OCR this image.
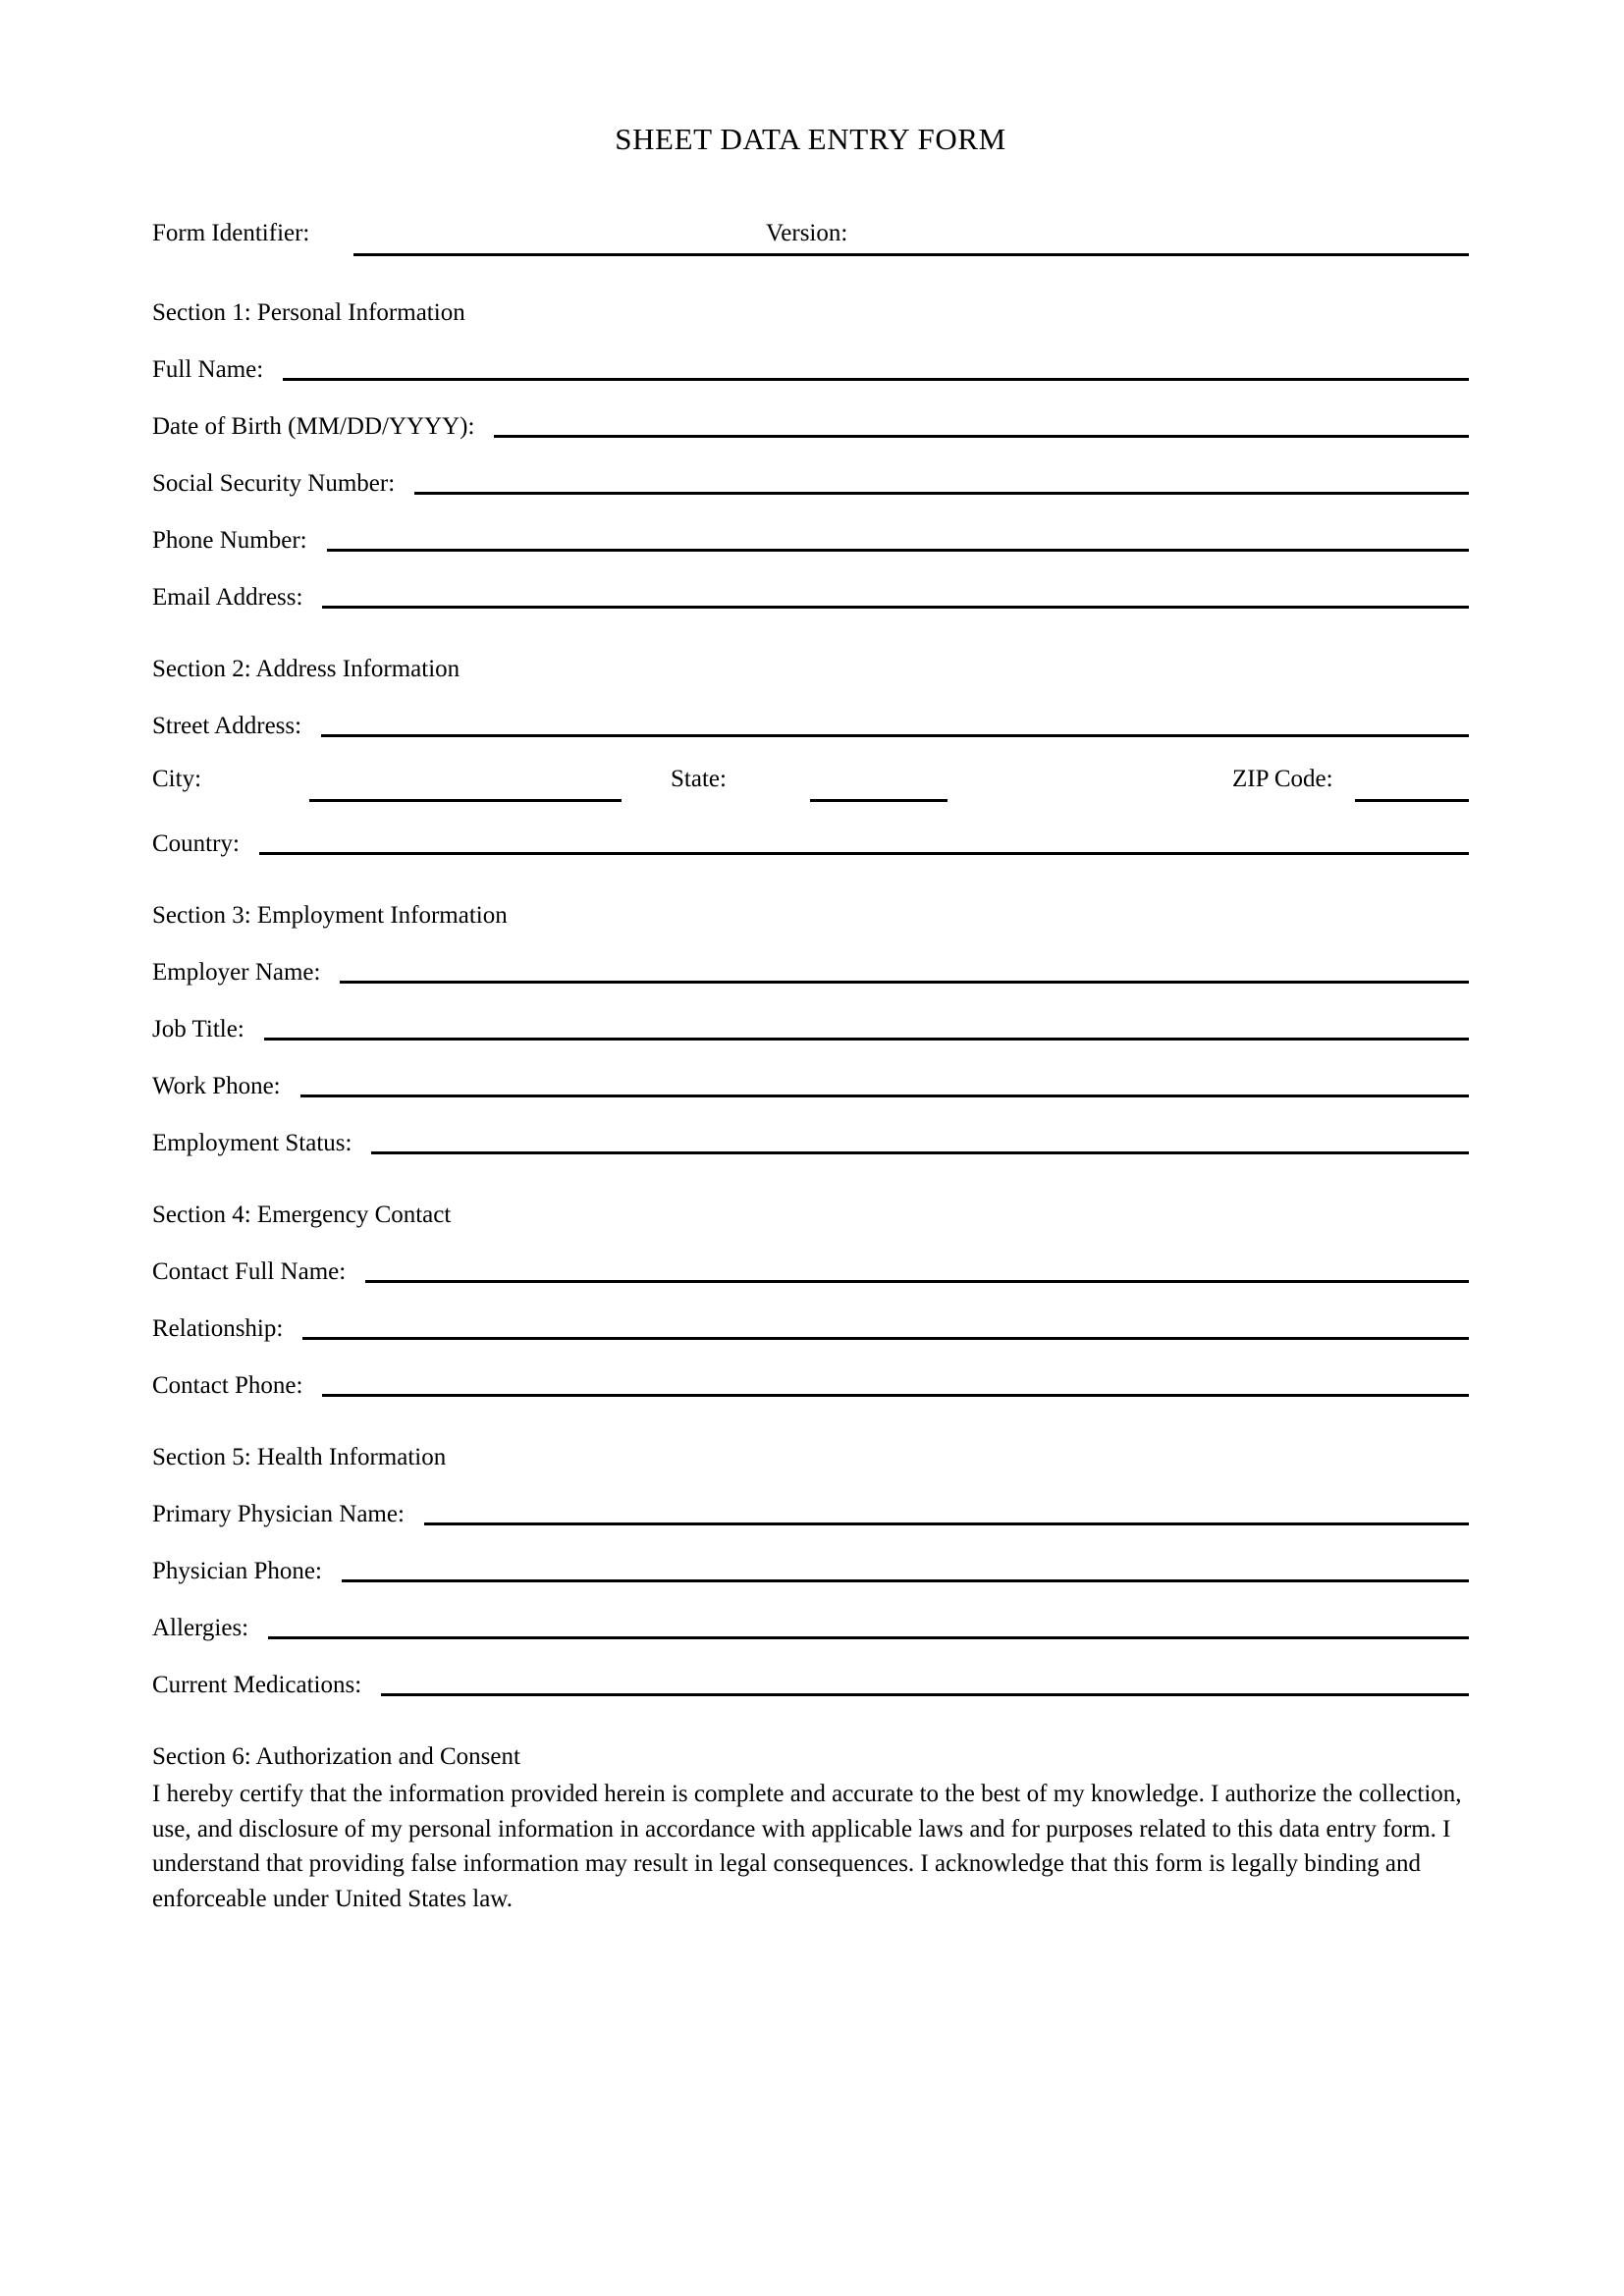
SHEET DATA ENTRY FORM
Form Identifier:	Version:
Section 1: Personal Information
Full Name:
Date of Birth (MM/DD/YYYY):
Social Security Number:
Phone Number:
Email Address:
Section 2: Address Information
Street Address:
City:	State:	ZIP Code:
Country:
Section 3: Employment Information
Employer Name:
Job Title:
Work Phone:
Employment Status:
Section 4: Emergency Contact
Contact Full Name:
Relationship:
Contact Phone:
Section 5: Health Information
Primary Physician Name:
Physician Phone:
Allergies:
Current Medications:
Section 6: Authorization and Consent
I hereby certify that the information provided herein is complete and accurate to the best of my knowledge. I authorize the collection, use, and disclosure of my personal information in accordance with applicable laws and for purposes related to this data entry form. I understand that providing false information may result in legal consequences. I acknowledge that this form is legally binding and enforceable under United States law.
